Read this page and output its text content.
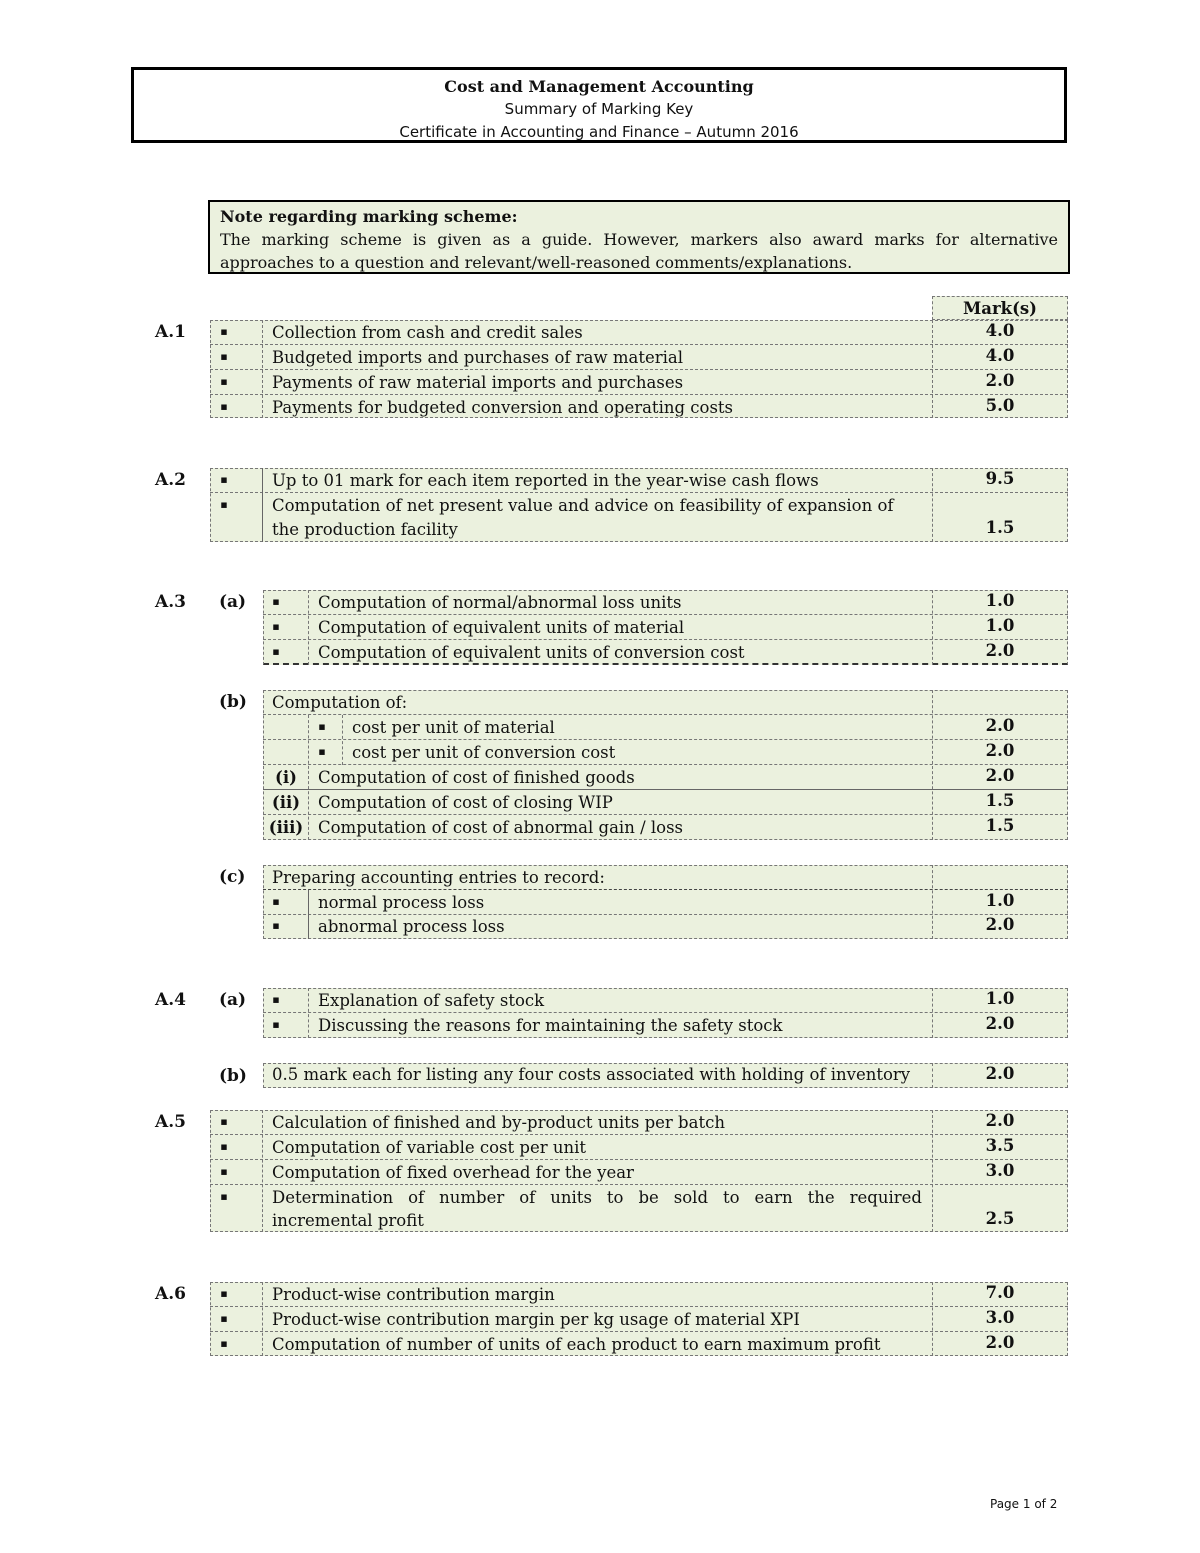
Cost and Management Accounting
Summary of Marking Key
Certificate in Accounting and Finance – Autumn 2016
Note regarding marking scheme:
The marking scheme is given as a guide. However, markers also award marks for alternative approaches to a question and relevant/well-reasoned comments/explanations.
Mark(s)
A.1	▪	Collection from cash and credit sales	4.0
▪	Budgeted imports and purchases of raw material	4.0
▪	Payments of raw material imports and purchases	2.0
▪	Payments for budgeted conversion and operating costs	5.0
A.2	▪	Up to 01 mark for each item reported in the year-wise cash flows	9.5
▪	Computation of net present value and advice on feasibility of expansion of
the production facility	1.5
A.3 (a) ▪ Computation of normal/abnormal loss units	1.0
▪ Computation of equivalent units of material	1.0
▪ Computation of equivalent units of conversion cost	2.0
(b) Computation of:
▪ cost per unit of material	2.0
▪ cost per unit of conversion cost	2.0
(i)	Computation of cost of finished goods	2.0
(ii)	Computation of cost of closing WIP	1.5
(iii) Computation of cost of abnormal gain / loss	1.5
(c) Preparing accounting entries to record:
▪ normal process loss	1.0
▪ abnormal process loss	2.0
A.4 (a) ▪ Explanation of safety stock	1.0
▪ Discussing the reasons for maintaining the safety stock	2.0
(b) 0.5 mark each for listing any four costs associated with holding of inventory	2.0
A.5	▪	Calculation of finished and by-product units per batch	2.0
▪	Computation of variable cost per unit	3.5
▪	Computation of fixed overhead for the year	3.0
▪	Determination of number of units to be sold to earn the required
incremental profit	2.5
A.6	▪	Product-wise contribution margin	7.0
▪	Product-wise contribution margin per kg usage of material XPI	3.0
▪	Computation of number of units of each product to earn maximum profit	2.0
Page 1 of 2
